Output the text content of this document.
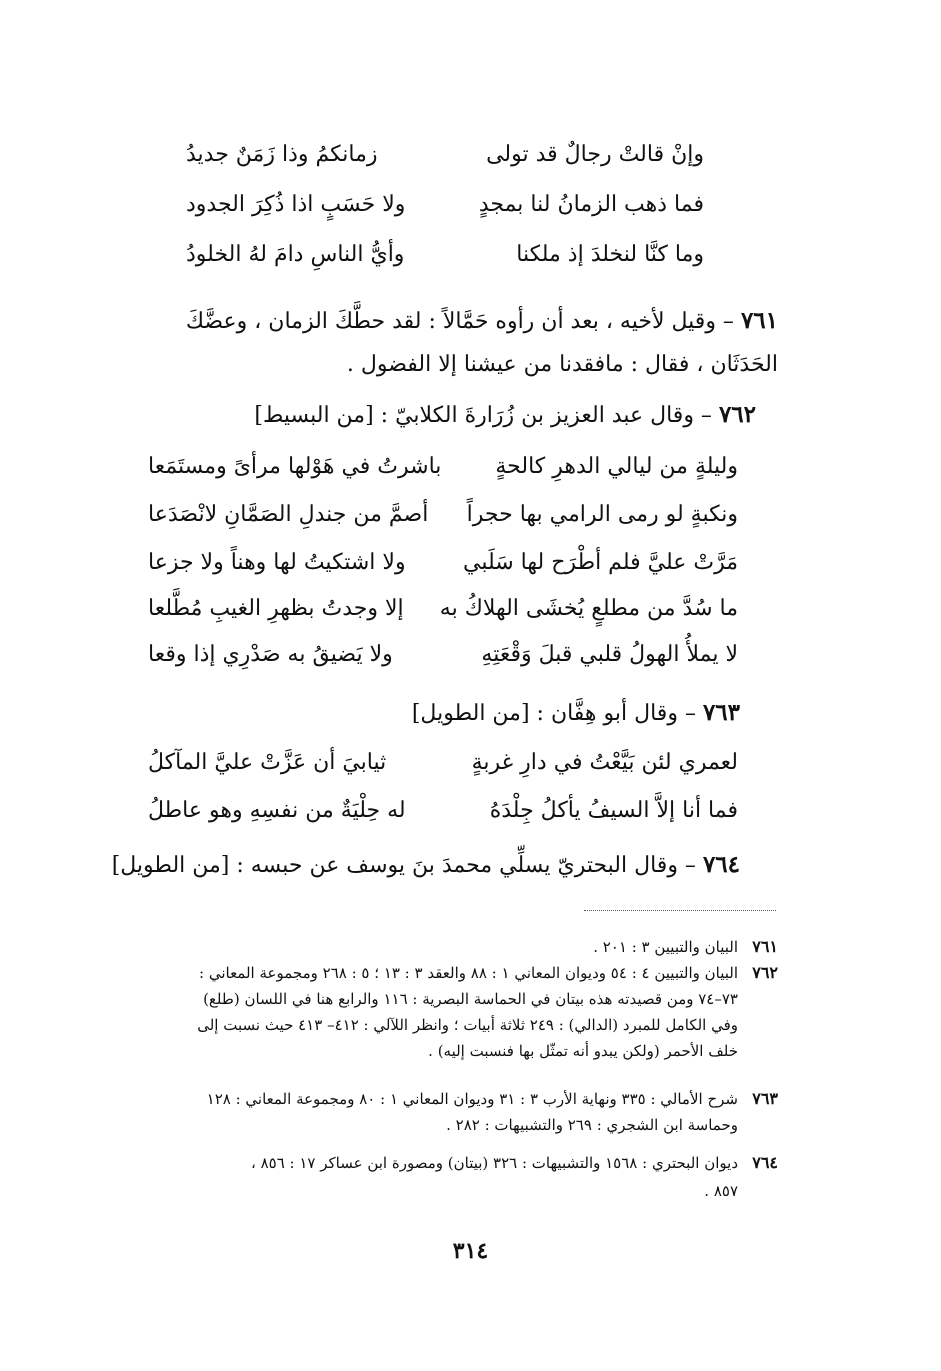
وإنْ قالتْ رجالٌ قد تولى
زمانكمُ وذا زَمَنٌ جديدُ
فما ذهب الزمانُ لنا بمجدٍ
ولا حَسَبٍ اذا ذُكِرَ الجدود
وما كنَّا لنخلدَ إذ ملكنا
وأيُّ الناسِ دامَ لهُ الخلودُ
٧٦١ – وقيل لأخيه ، بعد أن رأوه حَمَّالاً : لقد حطَّكَ الزمان ، وعضَّكَ
الحَدَثَان ، فقال : مافقدنا من عيشنا إلا الفضول .
٧٦٢ – وقال عبد العزيز بن زُرَارةَ الكلابيّ : [من البسيط]
وليلةٍ من ليالي الدهرِ كالحةٍ
باشرتُ في هَوْلها مرأىً ومستَمَعا
ونكبةٍ لو رمى الرامي بها حجراً
أصمَّ من جندلِ الصَمَّانِ لانْصَدَعا
مَرَّتْ عليَّ فلم أطْرَح لها سَلَبي
ولا اشتكيتُ لها وهناً ولا جزعا
ما سُدَّ من مطلعٍ يُخشَى الهلاكُ به
إلا وجدتُ بظهرِ الغيبِ مُطَّلعا
لا يملأُ الهولُ قلبي قبلَ وَقْعَتِهِ
ولا يَضيقُ به صَدْرِي إذا وقعا
٧٦٣ – وقال أبو هِفَّان : [من الطويل]
لعمري لئن بَيَّعْتُ في دارِ غربةٍ
ثيابيَ أن عَزَّتْ عليَّ المآكلُ
فما أنا إلاَّ السيفُ يأكلُ جِلْدَهُ
له حِلْيَةٌ من نفسِهِ وهو عاطلُ
٧٦٤ – وقال البحتريّ يسلِّي محمدَ بنَ يوسف عن حبسه : [من الطويل]
٧٦١البيان والتبيين ٣ : ٢٠١ .
٧٦٢البيان والتبيين ٤ : ٥٤ وديوان المعاني ١ : ٨٨ والعقد ٣ : ١٣ ؛ ٥ : ٢٦٨ ومجموعة المعاني :
٧٣–٧٤ ومن قصيدته هذه بيتان في الحماسة البصرية : ١١٦ والرابع هنا في اللسان (طلع)
وفي الكامل للمبرد (الدالي) : ٢٤٩ ثلاثة أبيات ؛ وانظر اللآلي : ٤١٢– ٤١٣ حيث نسبت إلى
خلف الأحمر (ولكن يبدو أنه تمثّل بها فنسبت إليه) .
٧٦٣شرح الأمالي : ٣٣٥ ونهاية الأرب ٣ : ٣١ وديوان المعاني ١ : ٨٠ ومجموعة المعاني : ١٢٨
وحماسة ابن الشجري : ٢٦٩ والتشبيهات : ٢٨٢ .
٧٦٤ديوان البحتري : ١٥٦٨ والتشبيهات : ٣٢٦ (بيتان) ومصورة ابن عساكر ١٧ : ٨٥٦ ،
٨٥٧ .
٣١٤
